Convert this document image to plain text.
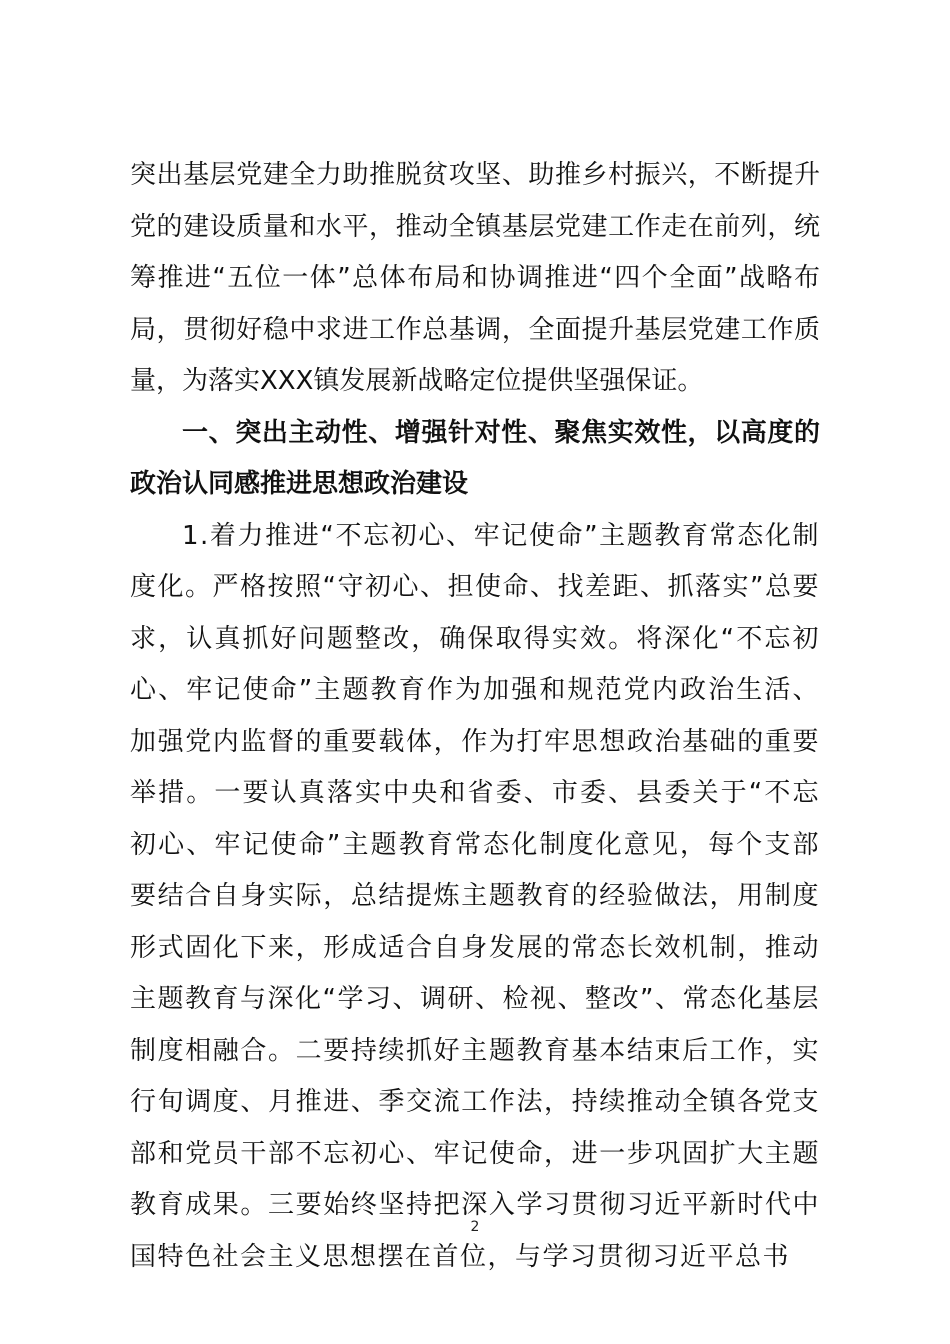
突出基层党建全力助推脱贫攻坚、助推乡村振兴，不断提升党的建设质量和水平，推动全镇基层党建工作走在前列，统筹推进“五位一体”总体布局和协调推进“四个全面”战略布局，贯彻好稳中求进工作总基调，全面提升基层党建工作质量，为落实XXX镇发展新战略定位提供坚强保证。

一、突出主动性、增强针对性、聚焦实效性，以高度的政治认同感推进思想政治建设

1.着力推进“不忘初心、牢记使命”主题教育常态化制度化。严格按照“守初心、担使命、找差距、抓落实”总要求，认真抓好问题整改，确保取得实效。将深化“不忘初心、牢记使命”主题教育作为加强和规范党内政治生活、加强党内监督的重要载体，作为打牢思想政治基础的重要举措。一要认真落实中央和省委、市委、县委关于“不忘初心、牢记使命”主题教育常态化制度化意见，每个支部要结合自身实际，总结提炼主题教育的经验做法，用制度形式固化下来，形成适合自身发展的常态长效机制，推动主题教育与深化“学习、调研、检视、整改”、常态化基层制度相融合。二要持续抓好主题教育基本结束后工作，实行旬调度、月推进、季交流工作法，持续推动全镇各党支部和党员干部不忘初心、牢记使命，进一步巩固扩大主题教育成果。三要始终坚持把深入学习贯彻习近平新时代中国特色社会主义思想摆在首位，与学习贯彻习近平总书

2
